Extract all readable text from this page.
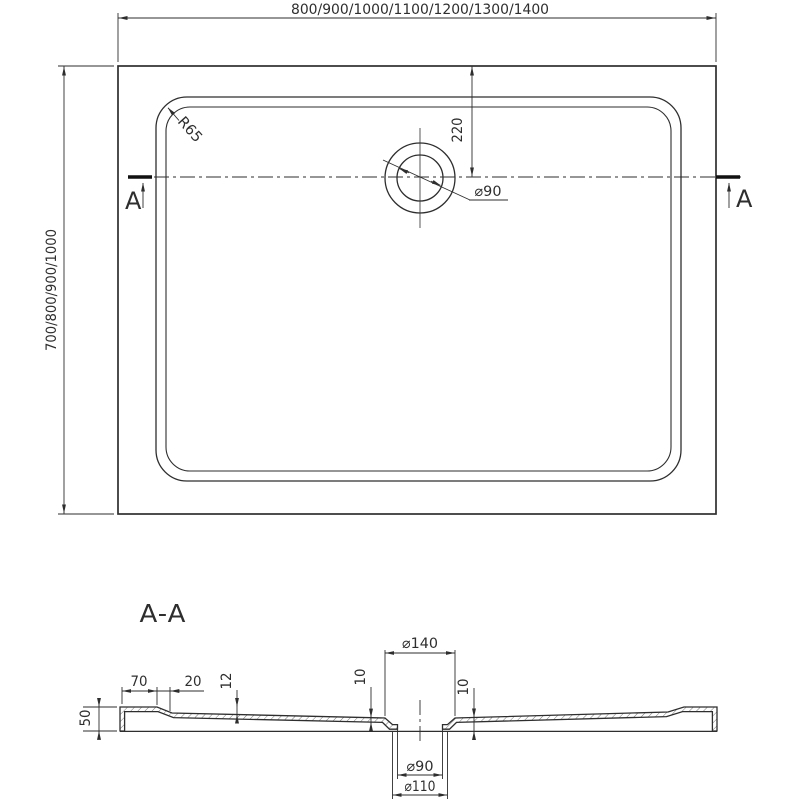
800/900/1000/1100/1200/1300/1400
700/800/900/1000
220
⌀90
R65
A	A
A-A
70	20
50
12	10
10
⌀140
⌀90
⌀110
